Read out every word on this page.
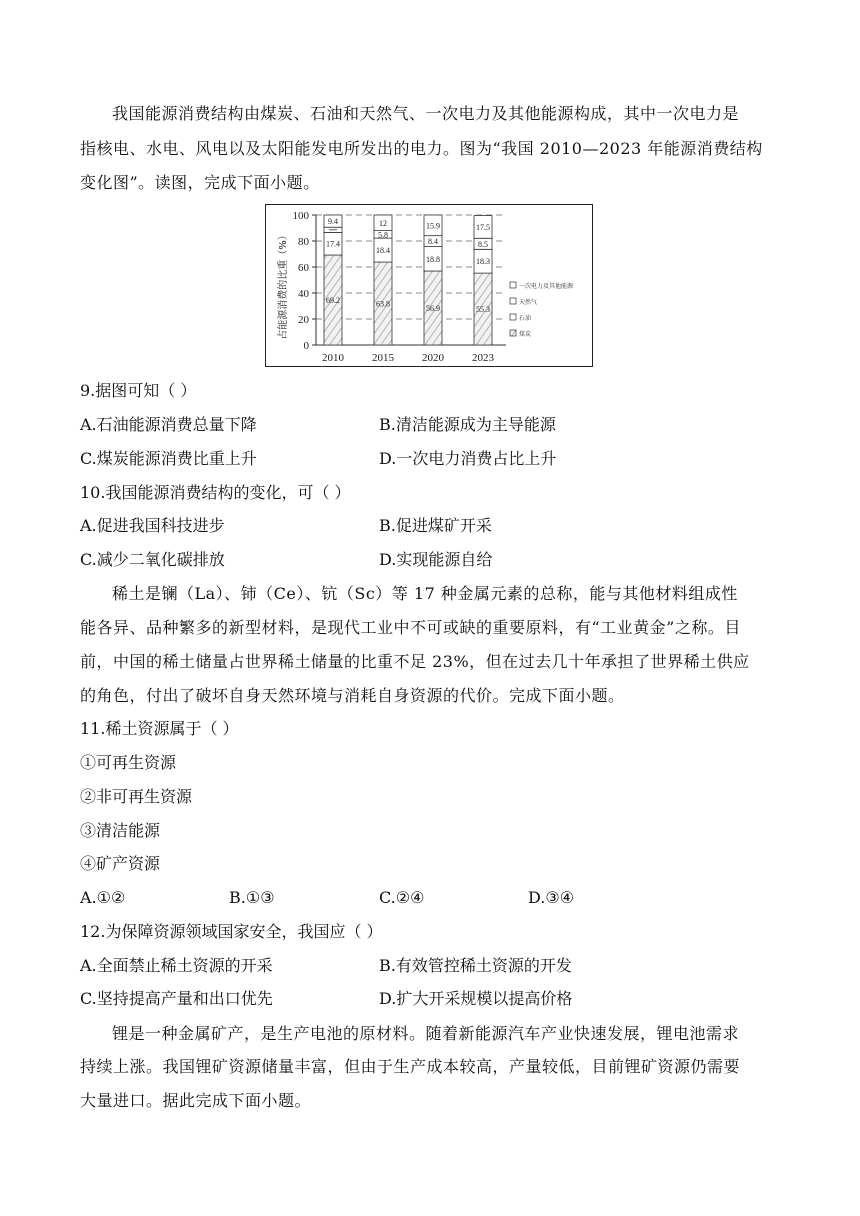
我国能源消费结构由煤炭、石油和天然气、一次电力及其他能源构成，其中一次电力是
指核电、水电、风电以及太阳能发电所发出的电力。图为“我国 2010—2023 年能源消费结构
变化图”。读图，完成下面小题。
占能源消费的比重（%）
0
20
40
60
80
100
69.2
17.4
9.4
2010
63.8
18.4
5.8
12
2015
56.9
18.8
8.4
15.9
2020
55.3
18.3
8.5
17.5
2023
一次电力及其他能源
天然气
石油
煤炭
9.据图可知（ ）
A.石油能源消费总量下降	B.清洁能源成为主导能源
C.煤炭能源消费比重上升	D.一次电力消费占比上升
10.我国能源消费结构的变化，可（ ）
A.促进我国科技进步	B.促进煤矿开采
C.减少二氧化碳排放	D.实现能源自给
稀土是镧（La）、铈（Ce）、钪（Sc）等 17 种金属元素的总称，能与其他材料组成性
能各异、品种繁多的新型材料，是现代工业中不可或缺的重要原料，有“工业黄金”之称。目
前，中国的稀土储量占世界稀土储量的比重不足 23%，但在过去几十年承担了世界稀土供应
的角色，付出了破坏自身天然环境与消耗自身资源的代价。完成下面小题。
11.稀土资源属于（ ）
①可再生资源
②非可再生资源
③清洁能源
④矿产资源
A.①②	B.①③	C.②④	D.③④
12.为保障资源领域国家安全，我国应（ ）
A.全面禁止稀土资源的开采	B.有效管控稀土资源的开发
C.坚持提高产量和出口优先	D.扩大开采规模以提高价格
锂是一种金属矿产，是生产电池的原材料。随着新能源汽车产业快速发展，锂电池需求
持续上涨。我国锂矿资源储量丰富，但由于生产成本较高，产量较低，目前锂矿资源仍需要
大量进口。据此完成下面小题。
